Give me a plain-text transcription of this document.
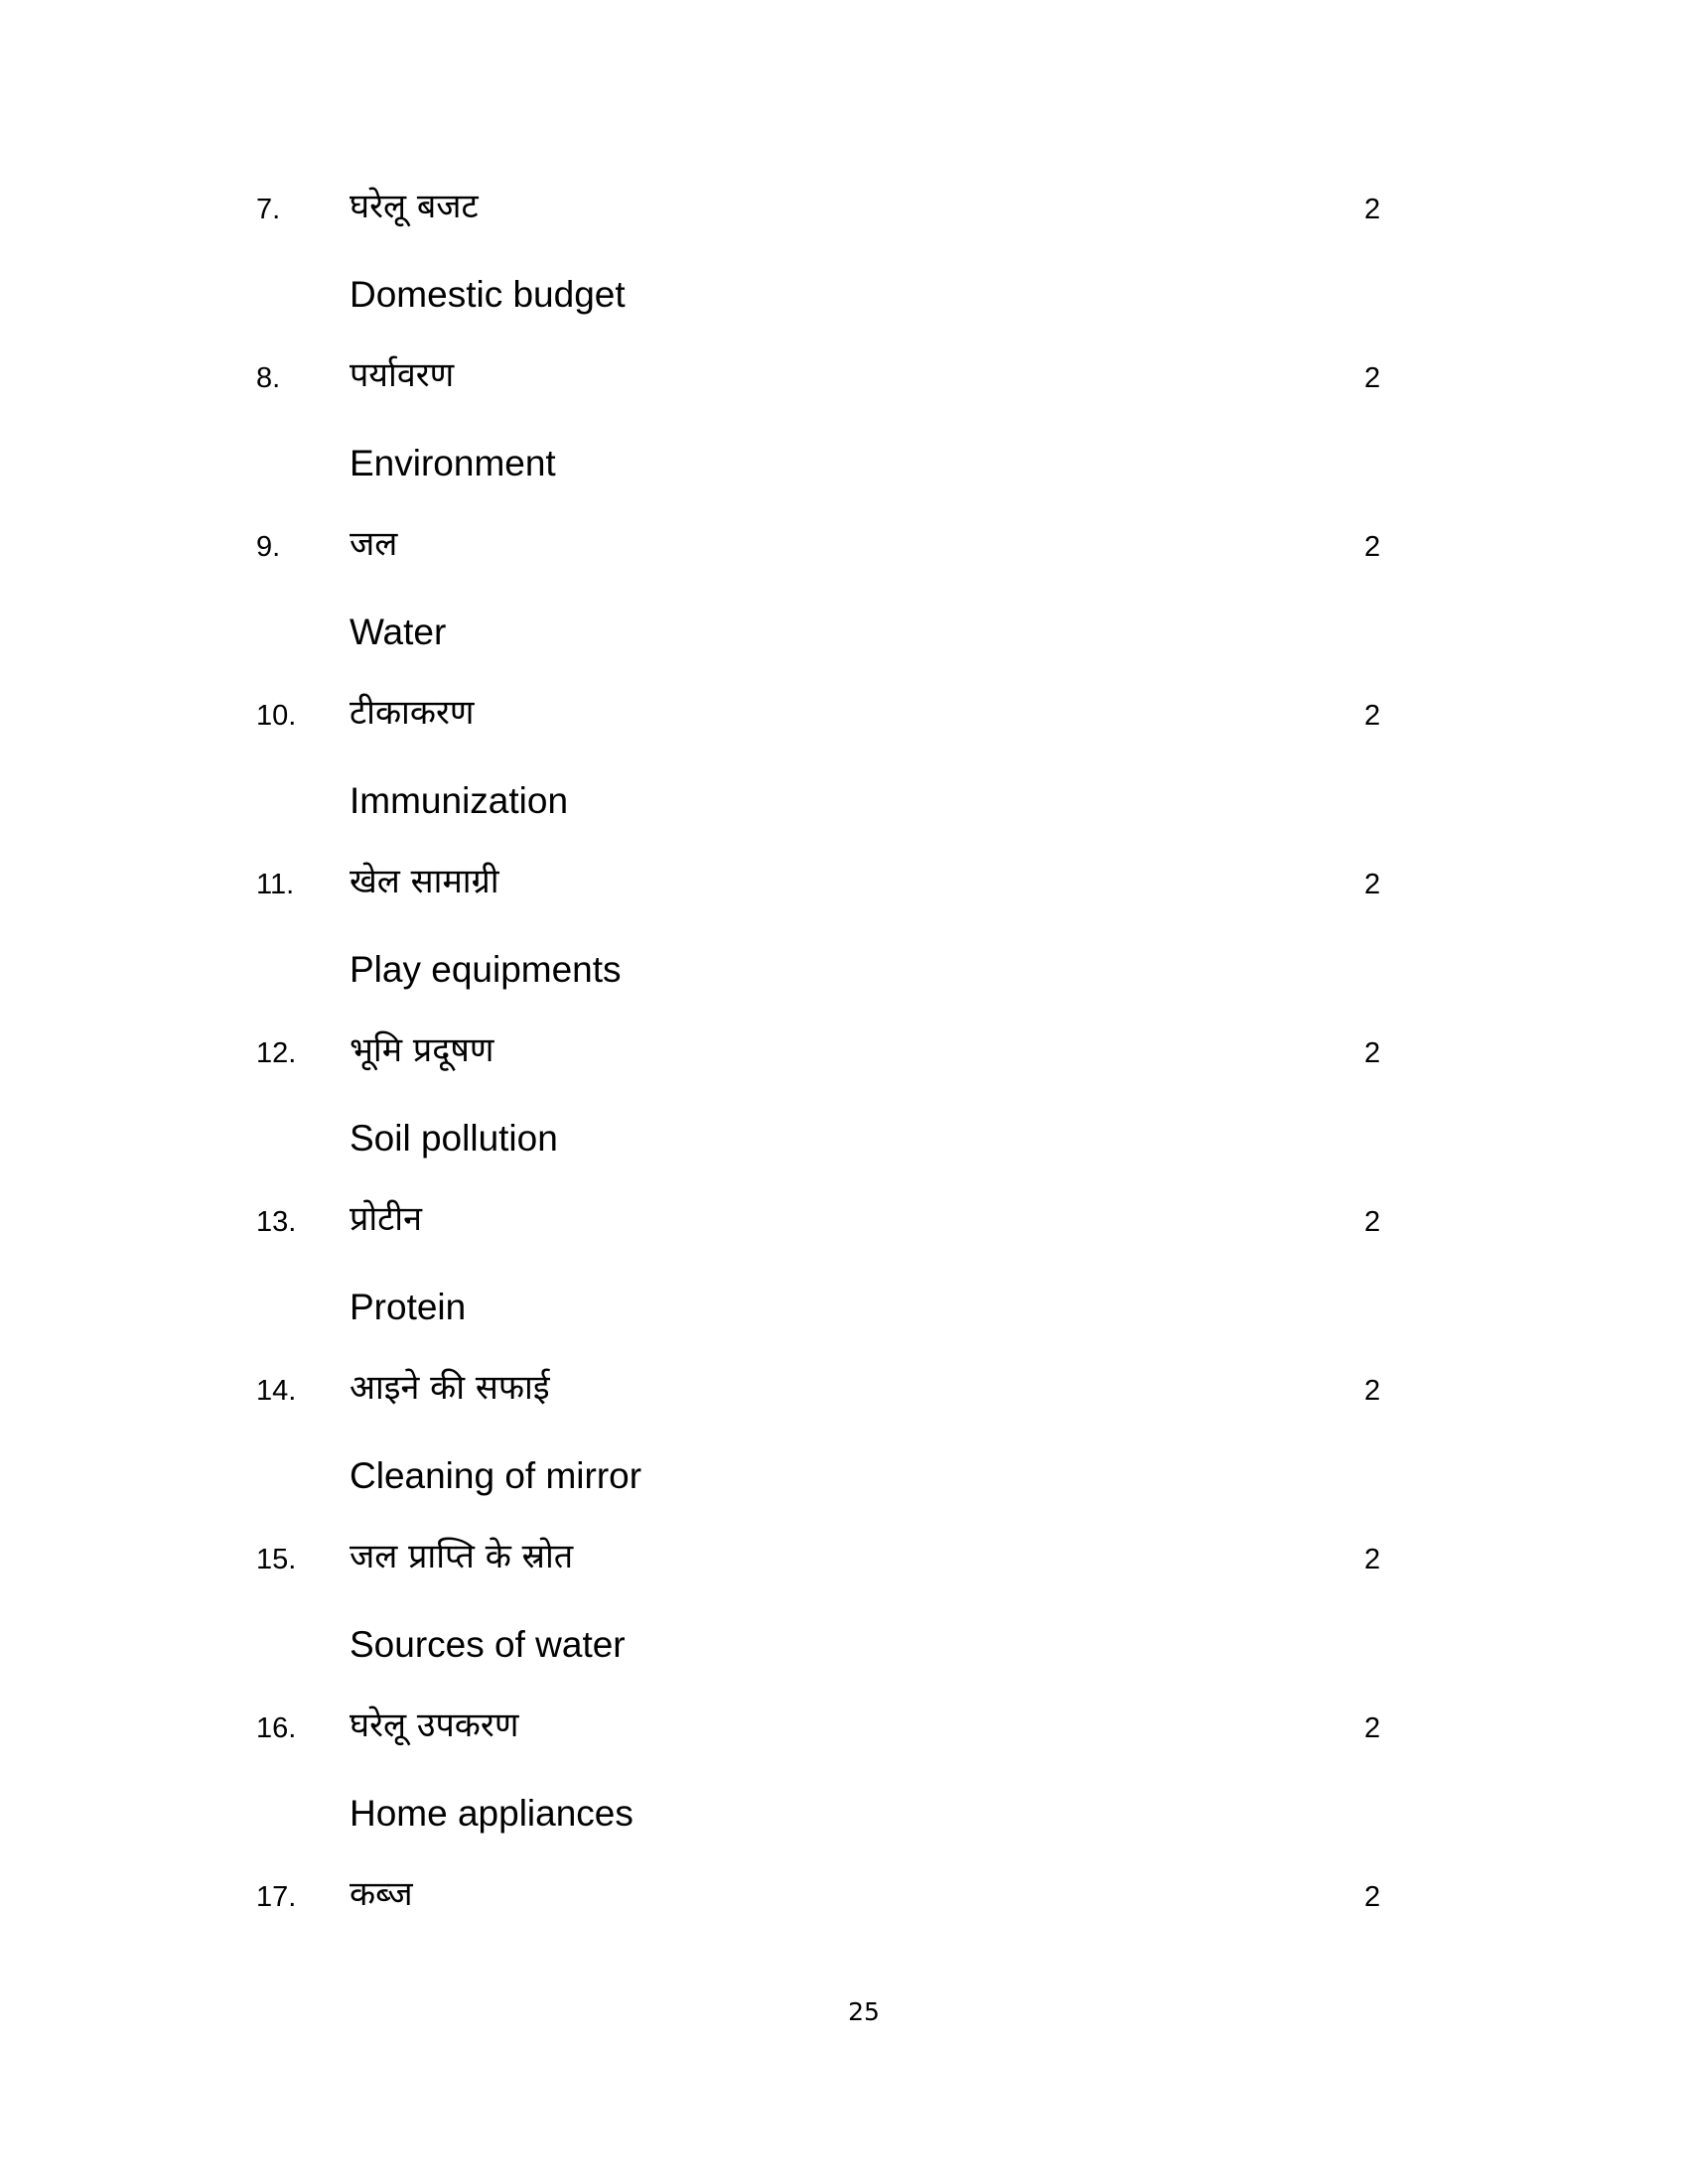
7. घरेलू बजट	2
Domestic budget
8. पर्यावरण	2
Environment
9. जल	2
Water
10. टीकाकरण	2
Immunization
11. खेल सामाग्री	2
Play equipments
12. भूमि प्रदूषण	2
Soil pollution
13. प्रोटीन	2
Protein
14. आइने की सफाई	2
Cleaning of mirror
15. जल प्राप्ति के स्रोत	2
Sources of water
16. घरेलू उपकरण	2
Home appliances
17. कब्ज	2
25
